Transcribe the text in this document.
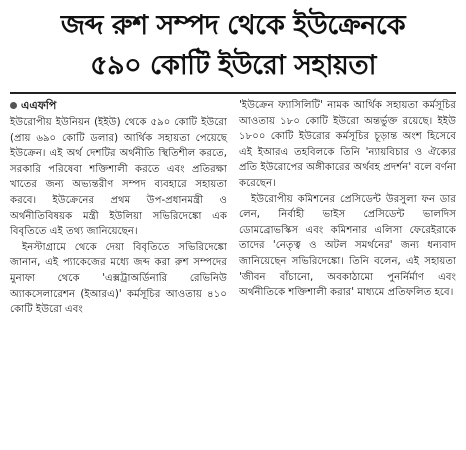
জব্দ রুশ সম্পদ থেকে ইউক্রেনকে
৫৯০ কোটি ইউরো সহায়তা
এএফপি

ইউরোপীয় ইউনিয়ন (ইইউ) থেকে ৫৯০ কোটি ইউরো (প্রায় ৬৯০ কোটি ডলার) আর্থিক সহায়তা পেয়েছে ইউক্রেন। এই অর্থ দেশটির অর্থনীতি স্থিতিশীল করতে, সরকারি পরিষেবা শক্তিশালী করতে এবং প্রতিরক্ষা খাতের জন্য অভ্যন্তরীণ সম্পদ ব্যবহারে সহায়তা করবে। ইউক্রেনের প্রথম উপ-প্রধানমন্ত্রী ও অর্থনীতিবিষয়ক মন্ত্রী ইউলিয়া সভিরিদেঙ্কো এক বিবৃতিতে এই তথ্য জানিয়েছেন।

ইনস্টাগ্রামে থেকে দেয়া বিবৃতিতে সভিরিদেঙ্কো জানান, এই প্যাকেজের মধ্যে জব্দ করা রুশ সম্পদের মুনাফা থেকে 'এক্সট্রাঅর্ডিনারি রেভিনিউ অ্যাকসেলারেশন (ইআরএ)' কর্মসূচির আওতায় ৪১০ কোটি ইউরো এবং

'ইউক্রেন ফ্যাসিলিটি' নামক আর্থিক সহায়তা কর্মসূচির আওতায় ১৮০ কোটি ইউরো অন্তর্ভুক্ত রয়েছে। ইইউ ১৮০০ কোটি ইউরোর কর্মসূচির চূড়ান্ত অংশ হিসেবে এই ইআরএ তহবিলকে তিনি 'ন্যায়বিচার ও ঐক্যের প্রতি ইউরোপের অঙ্গীকারের অর্থবহ প্রদর্শন' বলে বর্ণনা করেছেন।

ইউরোপীয় কমিশনের প্রেসিডেন্ট উরসুলা ফন ডার লেন, নির্বাহী ভাইস প্রেসিডেন্ট ভালদিস ডোমব্রোভস্কিস এবং কমিশনার এলিসা ফেরেইরাকে তাদের 'নেতৃত্ব ও অটল সমর্থনের' জন্য ধন্যবাদ জানিয়েছেন সভিরিদেঙ্কো। তিনি বলেন, এই সহায়তা 'জীবন বাঁচানো, অবকাঠামো পুনর্নির্মাণ এবং অর্থনীতিকে শক্তিশালী করার' মাধ্যমে প্রতিফলিত হবে।
